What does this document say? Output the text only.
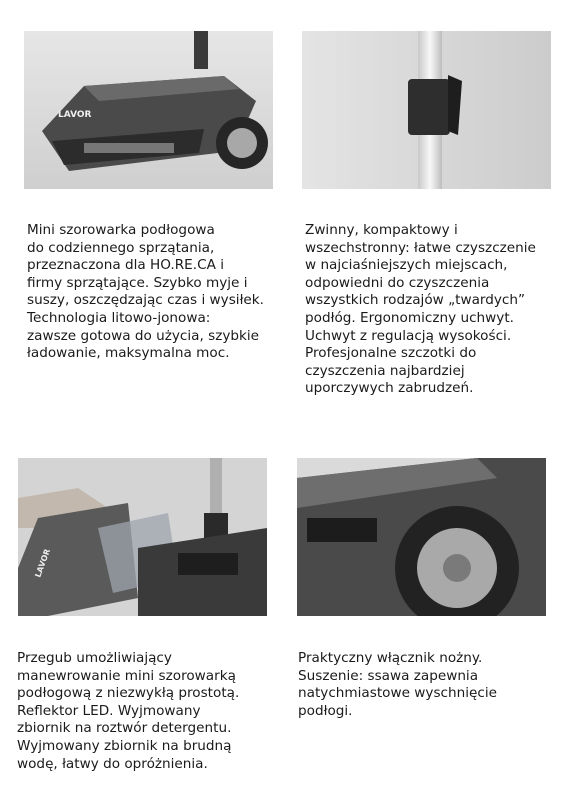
LAVOR
Mini szorowarka podłogowa
do codziennego sprzątania,
przeznaczona dla HO.RE.CA i
firmy sprzątające. Szybko myje i
suszy, oszczędzając czas i wysiłek.
Technologia litowo-jonowa:
zawsze gotowa do użycia, szybkie
ładowanie, maksymalna moc.
Zwinny, kompaktowy i
wszechstronny: łatwe czyszczenie
w najciaśniejszych miejscach,
odpowiedni do czyszczenia
wszystkich rodzajów „twardych”
podłóg. Ergonomiczny uchwyt.
Uchwyt z regulacją wysokości.
Profesjonalne szczotki do
czyszczenia najbardziej
uporczywych zabrudzeń.
LAVOR
Przegub umożliwiający
manewrowanie mini szorowarką
podłogową z niezwykłą prostotą.
Reflektor LED. Wyjmowany
zbiornik na roztwór detergentu.
Wyjmowany zbiornik na brudną
wodę, łatwy do opróżnienia.
Praktyczny włącznik nożny.
Suszenie: ssawa zapewnia
natychmiastowe wyschnięcie
podłogi.
